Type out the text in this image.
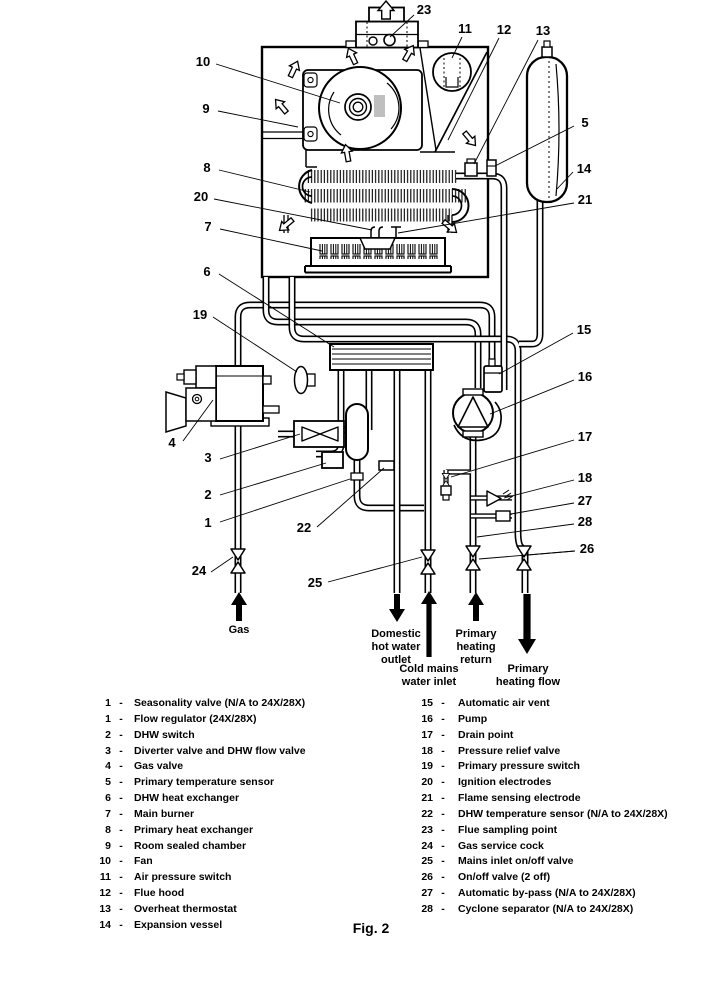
Gas	Domestic hot water outlet
Cold mains water inlet
Primary heating return
Primary heating flow
23
11 12 13
10
9
5
14
8
20	21
7
6
19
15
16
4
3
2
1	22
24
25
17
18
27
28
26
1 -	Seasonality valve (N/A to 24X/28X)
1 -	Flow regulator (24X/28X)
2 -	DHW switch
3 -	Diverter valve and DHW flow valve
4 -	Gas valve
5 -	Primary temperature sensor
6 -	DHW heat exchanger
7 -	Main burner
8 -	Primary heat exchanger
9 -	Room sealed chamber
10 -	Fan
11 -	Air pressure switch
12 -	Flue hood
13 -	Overheat thermostat
14 -	Expansion vessel
15 -	Automatic air vent
16 -	Pump
17 -	Drain point
18 -	Pressure relief valve
19 -	Primary pressure switch
20 -	Ignition electrodes
21 -	Flame sensing electrode
22 -	DHW temperature sensor (N/A to 24X/28X)
23 -	Flue sampling point
24 -	Gas service cock
25 -	Mains inlet on/off valve
26 -	On/off valve (2 off)
27 -	Automatic by-pass (N/A to 24X/28X)
28 -	Cyclone separator (N/A to 24X/28X)
Fig. 2
